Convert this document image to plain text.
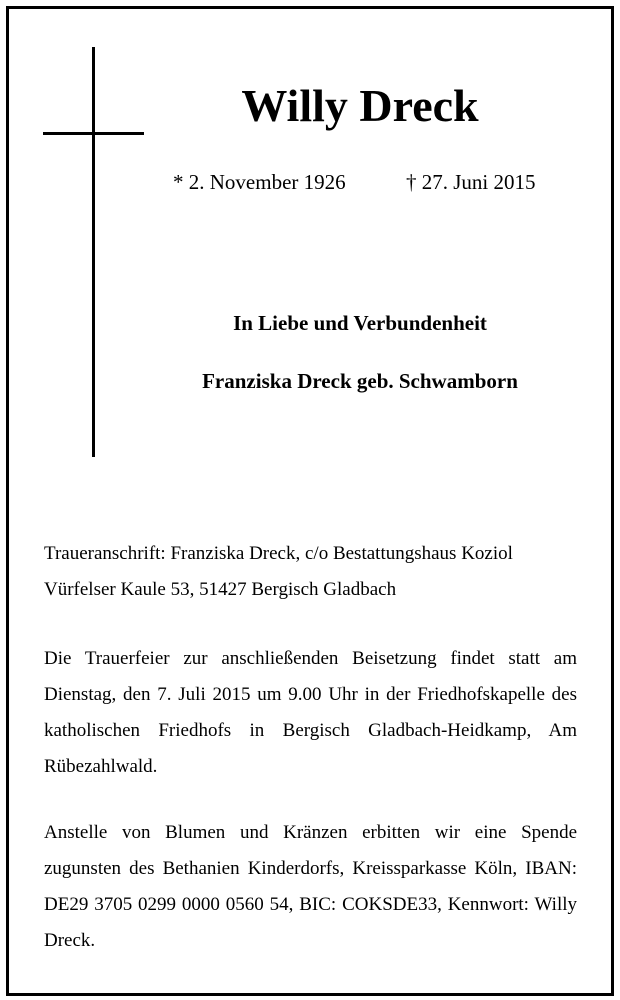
Willy Dreck
* 2. November 1926	† 27. Juni 2015
In Liebe und Verbundenheit
Franziska Dreck geb. Schwamborn
Traueranschrift: Franziska Dreck, c/o Bestattungshaus Koziol
Vürfelser Kaule 53, 51427 Bergisch Gladbach

Die Trauerfeier zur anschließenden Beisetzung findet statt am Dienstag, den 7. Juli 2015 um 9.00 Uhr in der Friedhofskapelle des katholischen Friedhofs in Bergisch Gladbach-Heidkamp, Am Rübezahlwald.

Anstelle von Blumen und Kränzen erbitten wir eine Spende zugunsten des Bethanien Kinderdorfs, Kreissparkasse Köln, IBAN: DE29 3705 0299 0000 0560 54, BIC: COKSDE33, Kennwort: Willy Dreck.
